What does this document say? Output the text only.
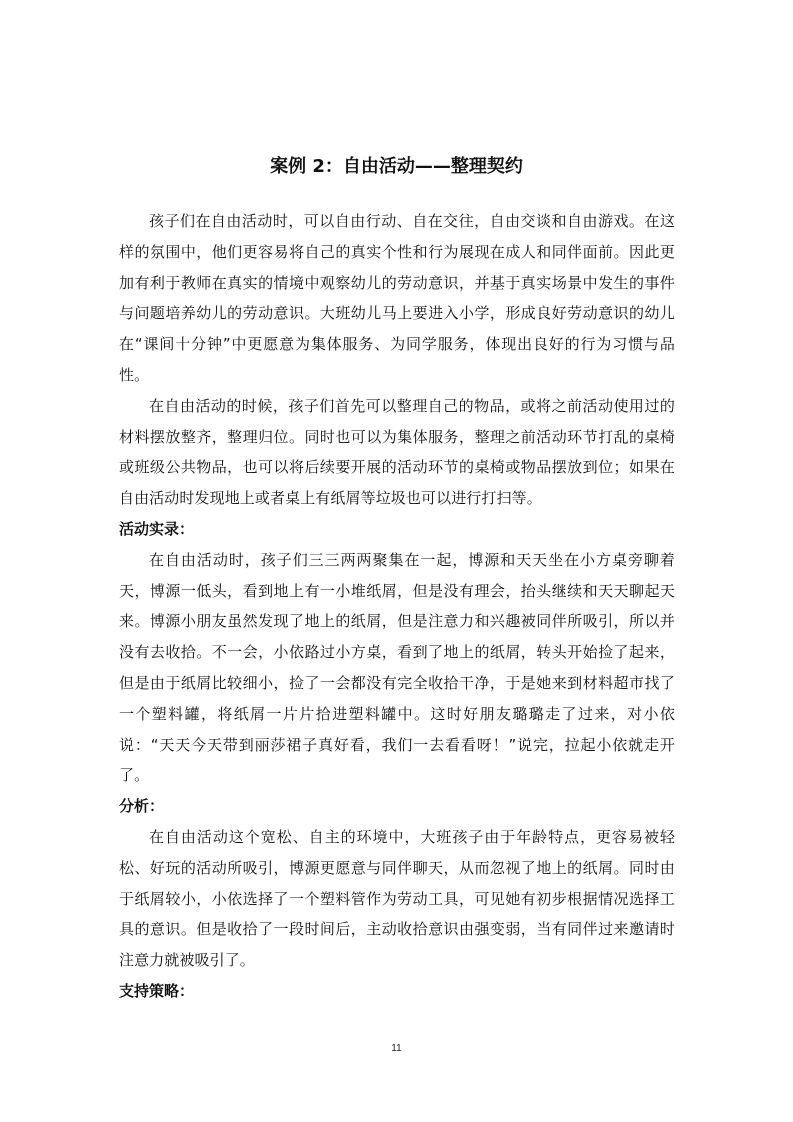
案例 2：自由活动——整理契约

孩子们在自由活动时，可以自由行动、自在交往，自由交谈和自由游戏。在这样的氛围中，他们更容易将自己的真实个性和行为展现在成人和同伴面前。因此更加有利于教师在真实的情境中观察幼儿的劳动意识，并基于真实场景中发生的事件与问题培养幼儿的劳动意识。大班幼儿马上要进入小学，形成良好劳动意识的幼儿在“课间十分钟”中更愿意为集体服务、为同学服务，体现出良好的行为习惯与品性。

在自由活动的时候，孩子们首先可以整理自己的物品，或将之前活动使用过的材料摆放整齐，整理归位。同时也可以为集体服务，整理之前活动环节打乱的桌椅或班级公共物品，也可以将后续要开展的活动环节的桌椅或物品摆放到位；如果在自由活动时发现地上或者桌上有纸屑等垃圾也可以进行打扫等。

活动实录：

在自由活动时，孩子们三三两两聚集在一起，博源和天天坐在小方桌旁聊着天，博源一低头，看到地上有一小堆纸屑，但是没有理会，抬头继续和天天聊起天来。博源小朋友虽然发现了地上的纸屑，但是注意力和兴趣被同伴所吸引，所以并没有去收拾。不一会，小依路过小方桌，看到了地上的纸屑，转头开始捡了起来，但是由于纸屑比较细小，捡了一会都没有完全收拾干净，于是她来到材料超市找了一个塑料罐，将纸屑一片片拾进塑料罐中。这时好朋友璐璐走了过来，对小依说：“天天今天带到丽莎裙子真好看，我们一去看看呀！”说完，拉起小依就走开了。

分析：

在自由活动这个宽松、自主的环境中，大班孩子由于年龄特点，更容易被轻松、好玩的活动所吸引，博源更愿意与同伴聊天，从而忽视了地上的纸屑。同时由于纸屑较小，小依选择了一个塑料管作为劳动工具，可见她有初步根据情况选择工具的意识。但是收拾了一段时间后，主动收拾意识由强变弱，当有同伴过来邀请时注意力就被吸引了。

支持策略：

11
